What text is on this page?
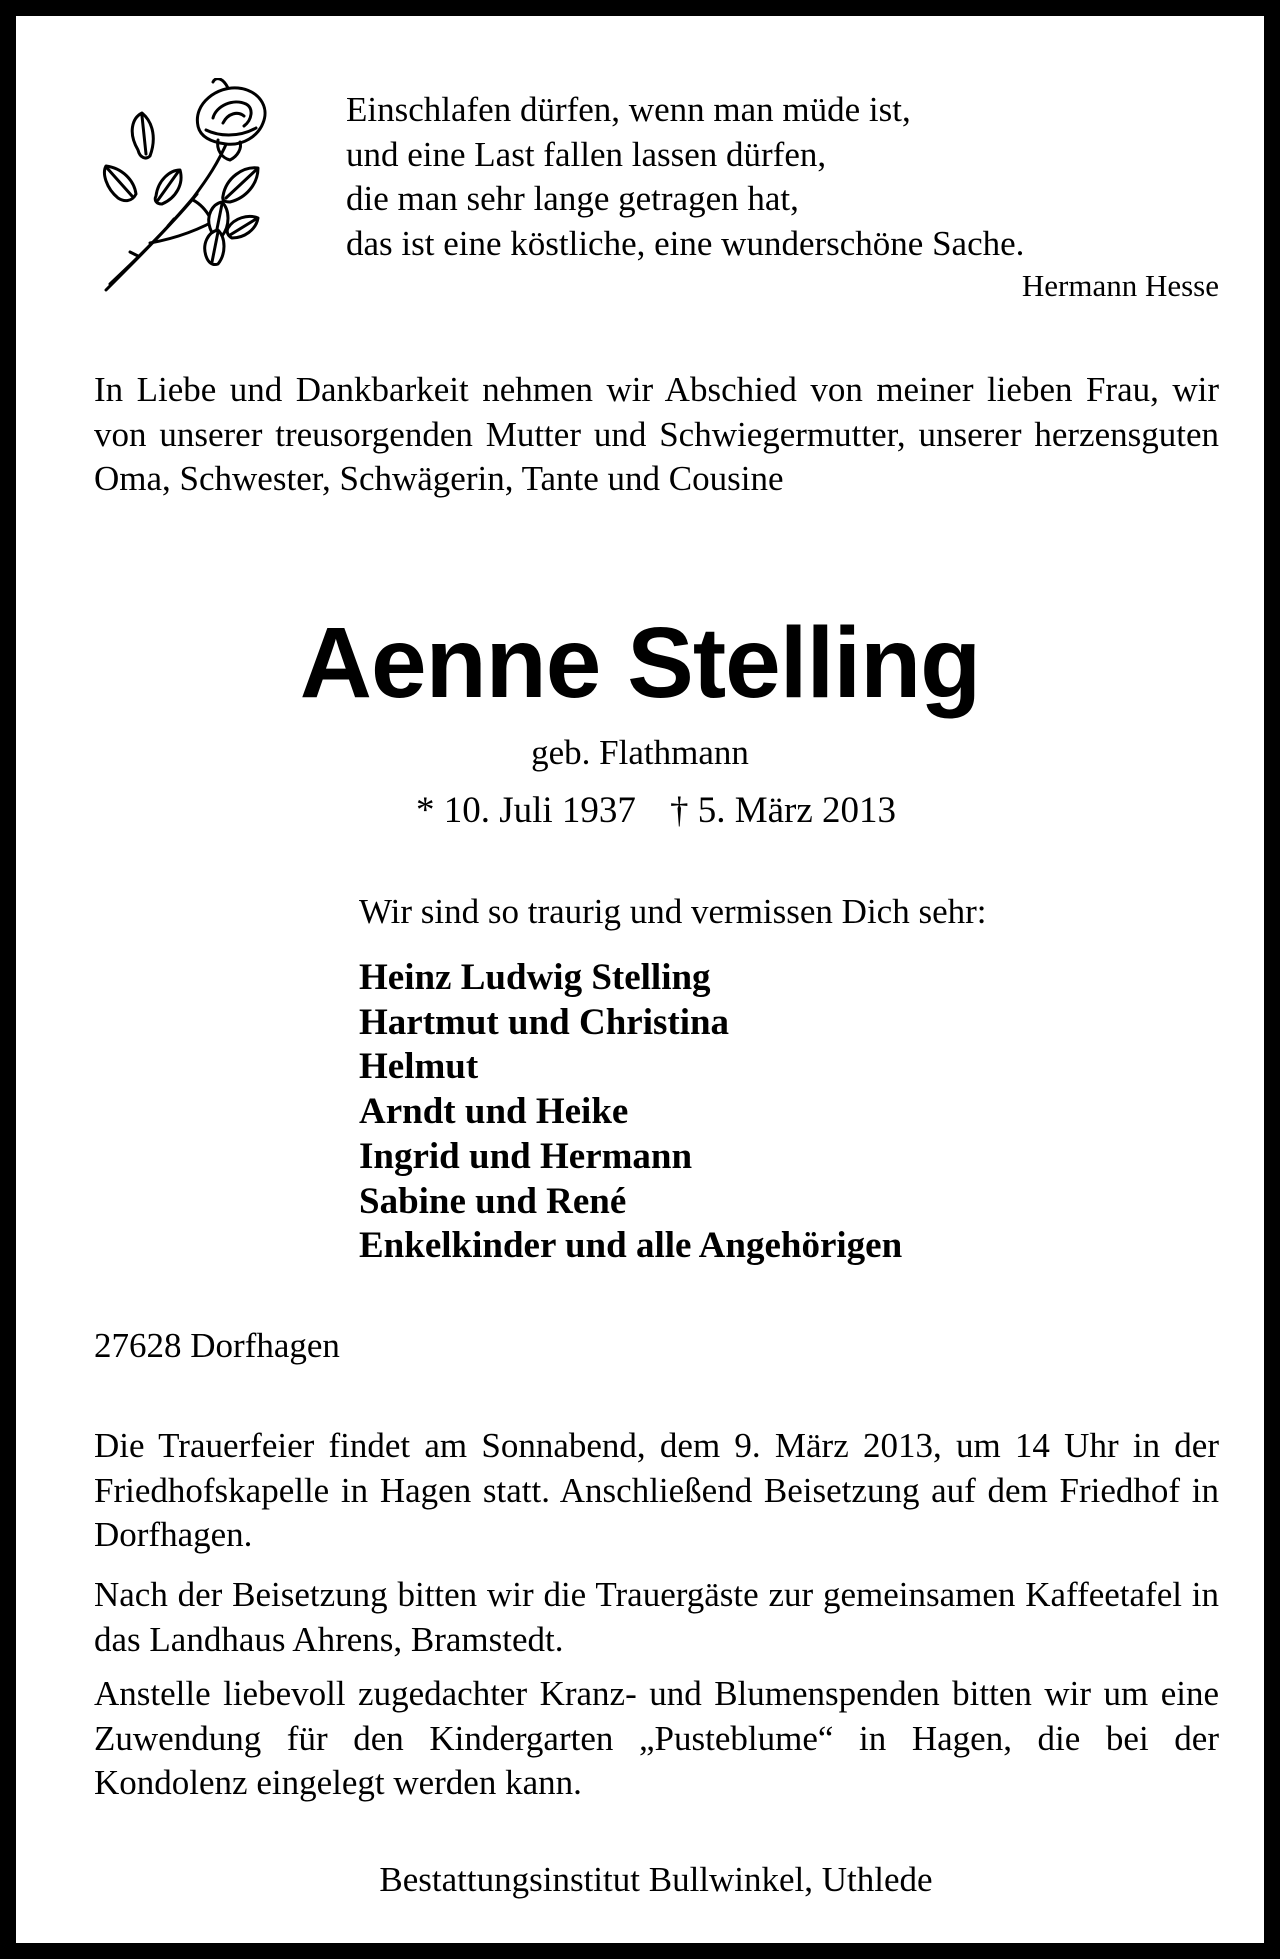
Einschlafen dürfen, wenn man müde ist,
und eine Last fallen lassen dürfen,
die man sehr lange getragen hat,
das ist eine köstliche, eine wunderschöne Sache.
Hermann Hesse
In Liebe und Dankbarkeit nehmen wir Abschied von meiner lieben Frau, wir von unserer treusorgenden Mutter und Schwiegermutter, unserer herzensguten Oma, Schwester, Schwägerin, Tante und Cousine
Aenne Stelling
geb. Flathmann
* 10. Juli 1937 † 5. März 2013
Wir sind so traurig und vermissen Dich sehr:
Heinz Ludwig Stelling
Hartmut und Christina
Helmut
Arndt und Heike
Ingrid und Hermann
Sabine und René
Enkelkinder und alle Angehörigen
27628 Dorfhagen
Die Trauerfeier findet am Sonnabend, dem 9. März 2013, um 14 Uhr in der Friedhofskapelle in Hagen statt. Anschließend Beisetzung auf dem Friedhof in Dorfhagen.
Nach der Beisetzung bitten wir die Trauergäste zur gemeinsamen Kaffeetafel in das Landhaus Ahrens, Bramstedt.
Anstelle liebevoll zugedachter Kranz- und Blumenspenden bitten wir um eine Zuwendung für den Kindergarten „Pusteblume“ in Hagen, die bei der Kondolenz eingelegt werden kann.
Bestattungsinstitut Bullwinkel, Uthlede
